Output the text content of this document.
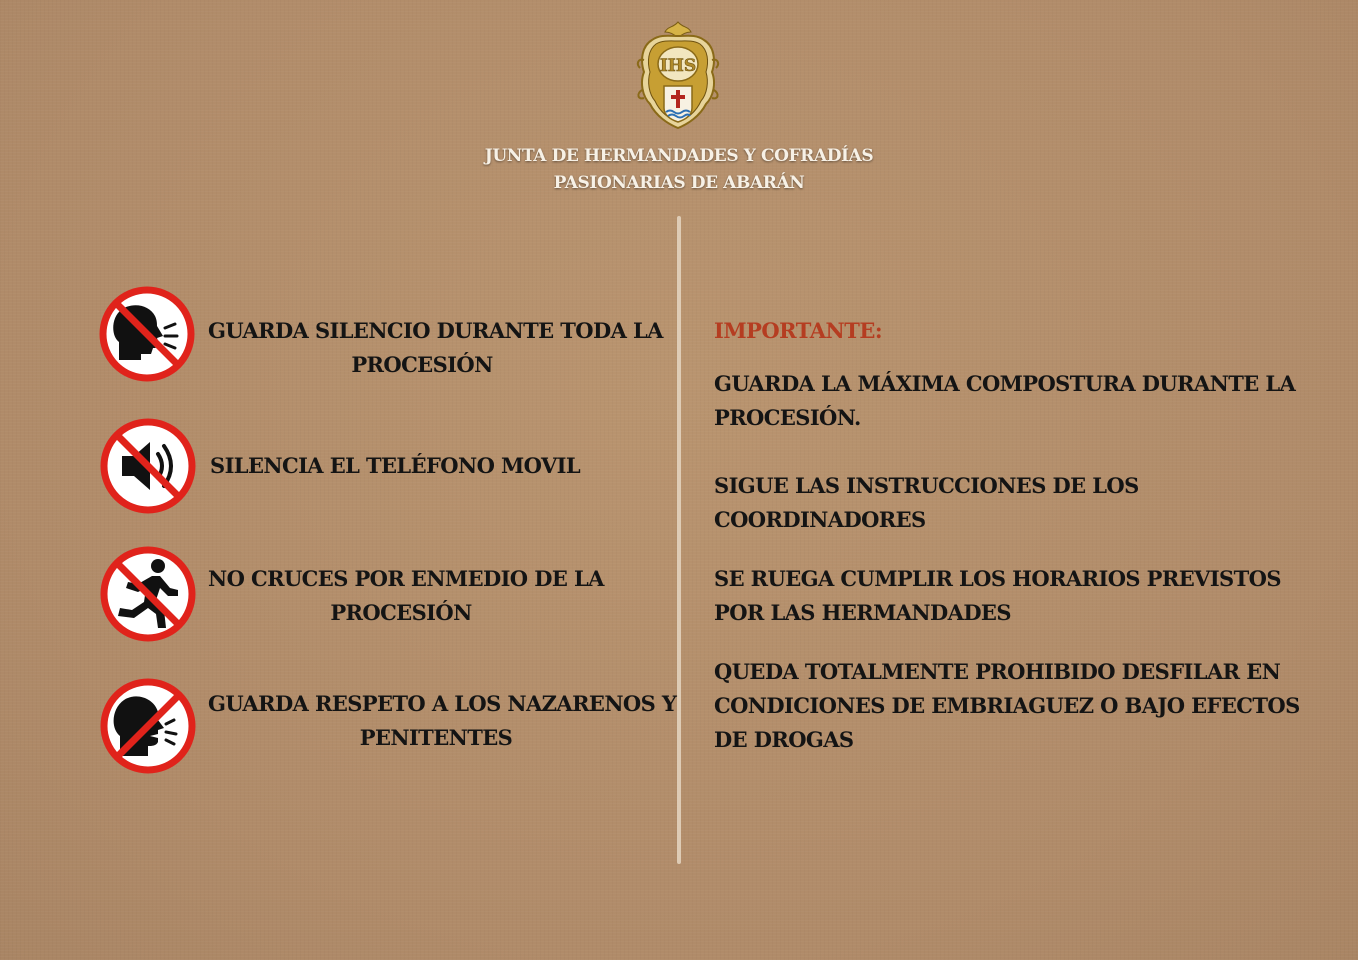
IHS
JUNTA DE HERMANDADES Y COFRADÍAS
PASIONARIAS DE ABARÁN
GUARDA SILENCIO DURANTE TODA LA
PROCESIÓN
SILENCIA EL TELÉFONO MOVIL
NO CRUCES POR ENMEDIO DE LA
PROCESIÓN
GUARDA RESPETO A LOS NAZARENOS Y
PENITENTES
IMPORTANTE:
GUARDA LA MÁXIMA COMPOSTURA DURANTE LA
PROCESIÓN.
SIGUE LAS INSTRUCCIONES DE LOS
COORDINADORES
SE RUEGA CUMPLIR LOS HORARIOS PREVISTOS
POR LAS HERMANDADES
QUEDA TOTALMENTE PROHIBIDO DESFILAR EN
CONDICIONES DE EMBRIAGUEZ O BAJO EFECTOS
DE DROGAS
